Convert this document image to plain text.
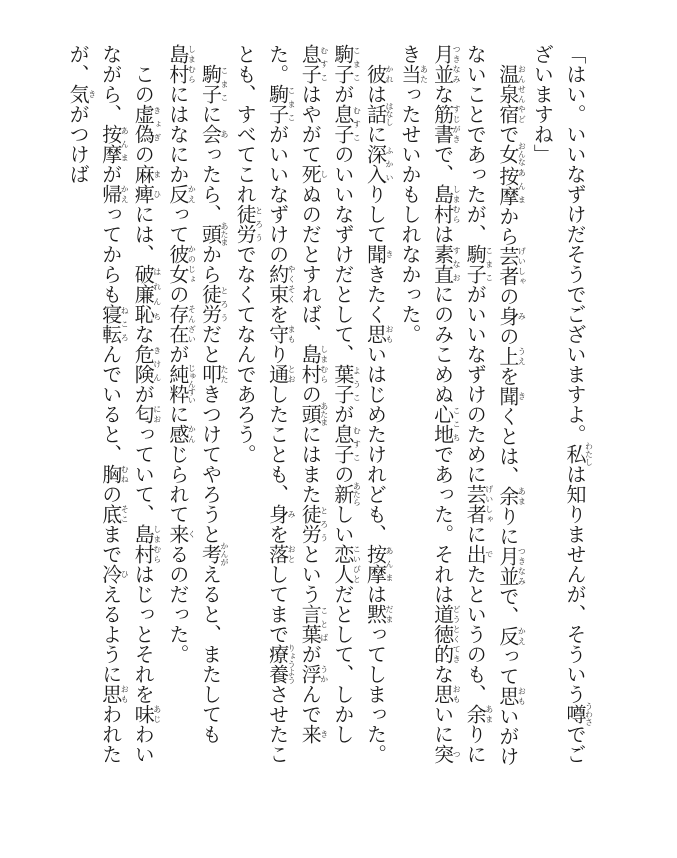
「はい。いいなずけだそうでございますよ。私わたしは知りませんが、そういう噂うわさでございますね」

　温泉宿おんせんやどで女おんな按摩あんまから芸者げいしゃの身みの上うえを聞きくとは、余あまりに月並つきなみで、反かえって思おもいがけないことであったが、駒子こまこがいいなずけのために芸者げいしゃに出でたというのも、余あまりに月並つきなみな筋書すじがきで、島村しまむらは素直すなおにのみこめぬ心地ここちであった。それは道徳的どうとくてきな思おもいに突つき当あたったせいかもしれなかった。

　彼かれは話はなしに深入ふかいりして聞ききたく思おもいはじめたけれども、按摩あんまは黙だまってしまった。駒子こまこが息子むすこのいいなずけだとして、葉子ようこが息子むすこの新あたらしい恋人こいびとだとして、しかし息子むすこはやがて死しぬのだとすれば、島村しまむらの頭あたまにはまた徒労とろうという言葉ことばが浮うかんで来きた。駒子こまこがいいなずけの約束やくそくを守まもり通とおしたことも、身みを落おとしてまで療養りょうようさせたことも、すべてこれ徒労とろうでなくてなんであろう。

　駒子こまこに会あったら、頭あたまから徒労とろうだと叩たたきつけてやろうと考かんがえると、またしても島村しまむらにはなにか反かえって彼女かのじょの存在そんざいが純粋じゅんすいに感かんじられて来くるのだった。

　この虚偽きょぎの麻痺まひには、破廉恥はれんちな危険きけんが匂におっていて、島村しまむらはじっとそれを味あじわいながら、按摩あんまが帰かえってからも寝転ねころんでいると、胸むねの底そこまで冷ひえるように思おもわれたが、気きがつけば
